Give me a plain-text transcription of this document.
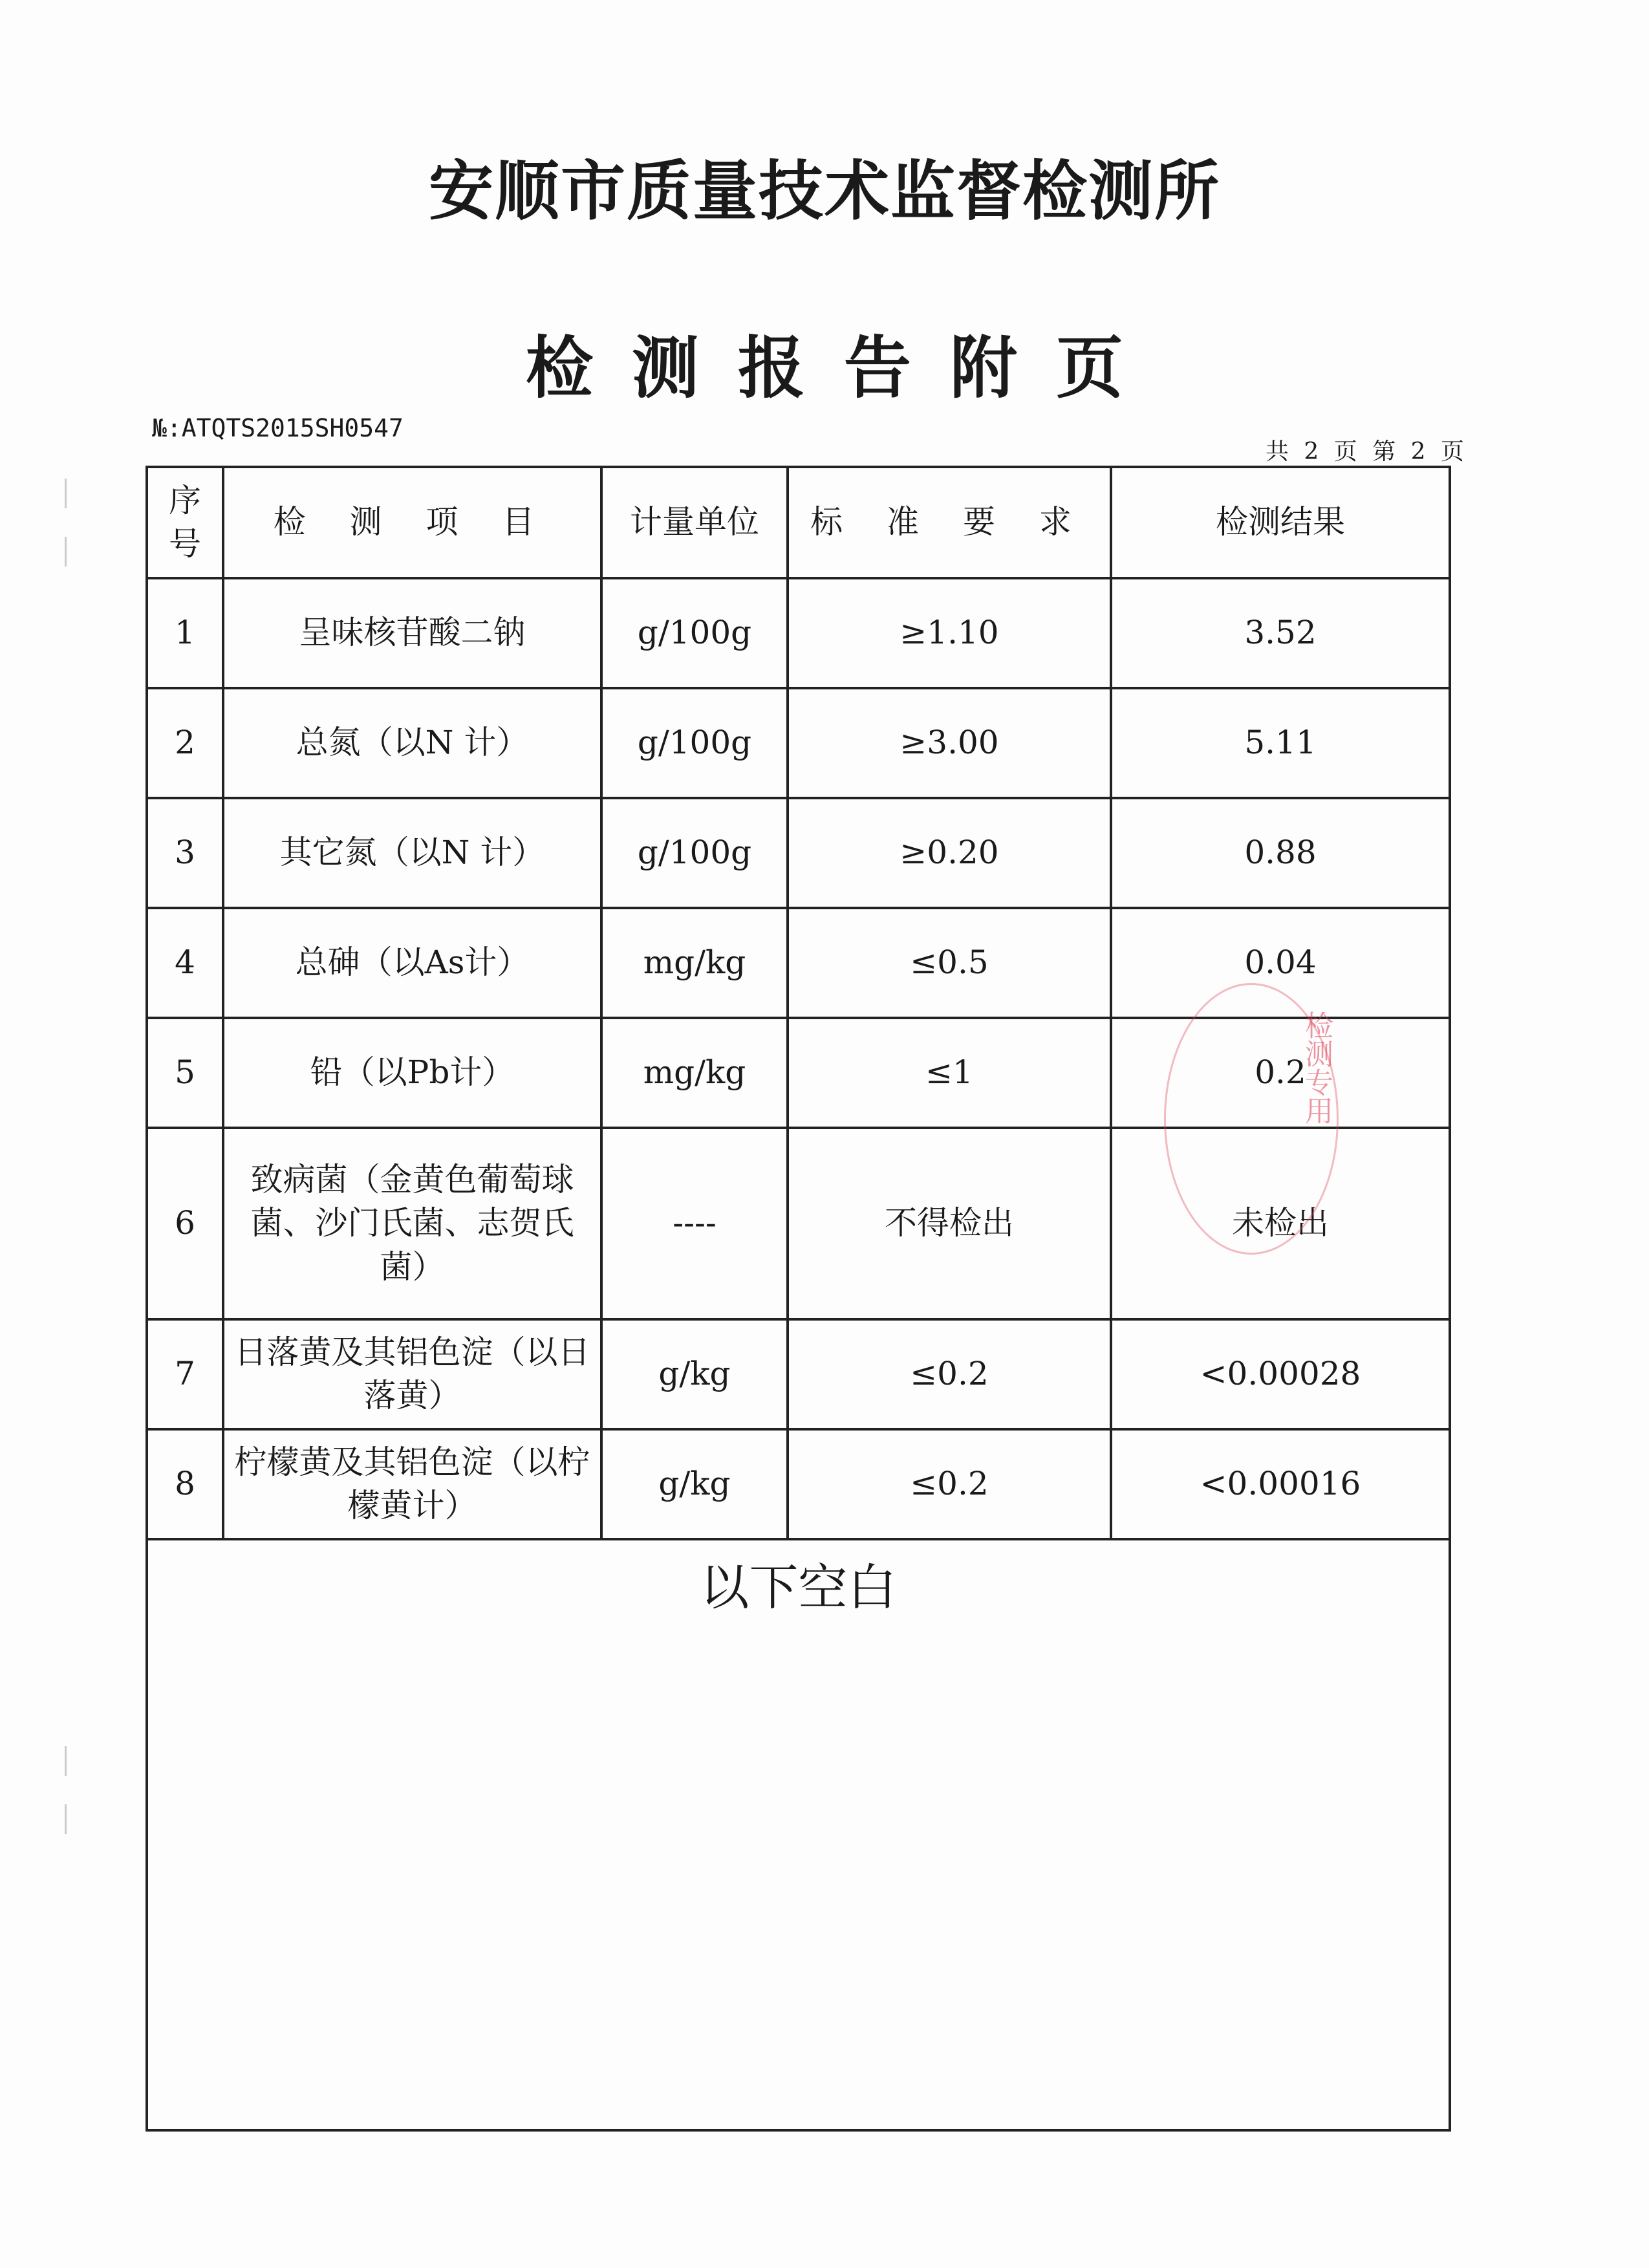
安顺市质量技术监督检测所
检测报告附页
№:ATQTS2015SH0547
共 2 页 第 2 页
序号	检 测 项 目	计量单位	标 准 要 求	检测结果
1	呈味核苷酸二钠	g/100g	≥1.10	3.52
2	总氮（以N 计）	g/100g	≥3.00	5.11
3	其它氮（以N 计）	g/100g	≥0.20	0.88
4	总砷（以As计）	mg/kg	≤0.5	0.04
5	铅（以Pb计）	mg/kg	≤1	0.2
6	致病菌（金黄色葡萄球菌、沙门氏菌、志贺氏菌）	----	不得检出	未检出
7	日落黄及其铝色淀（以日落黄）	g/kg	≤0.2	<0.00028
8	柠檬黄及其铝色淀（以柠檬黄计）	g/kg	≤0.2	<0.00016
以下空白				
检测专用
